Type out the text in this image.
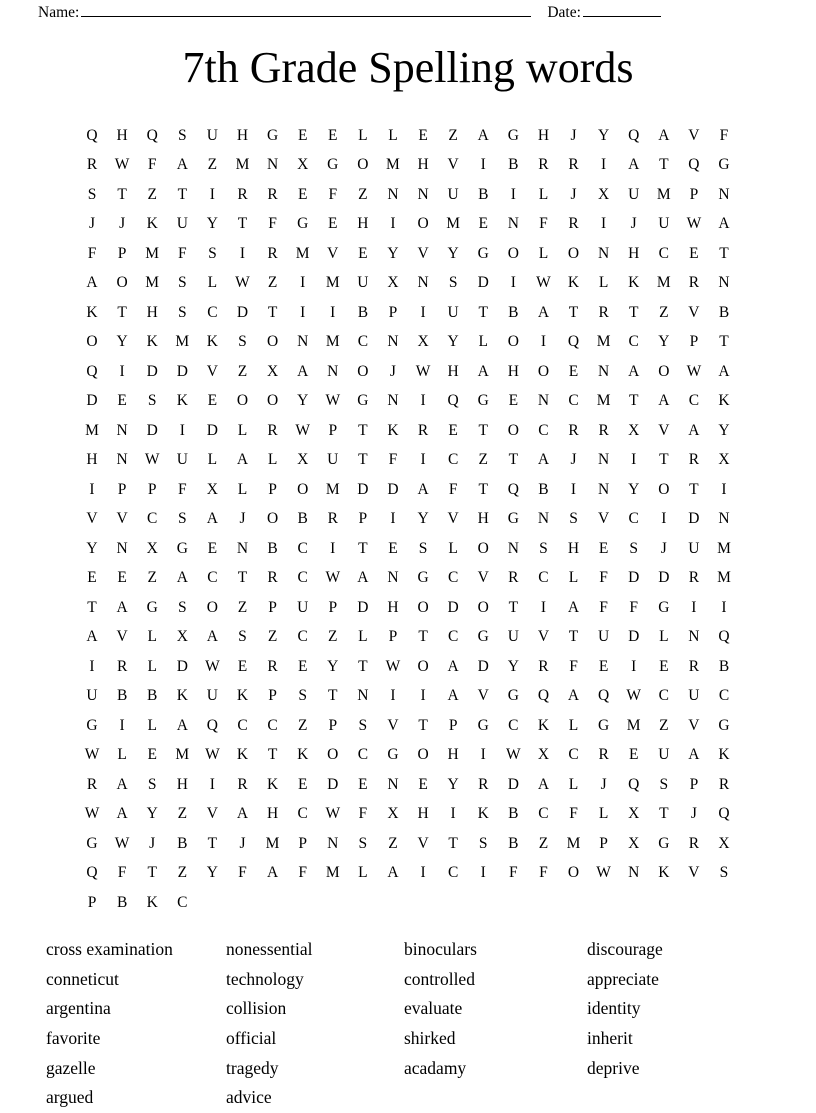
Name:	Date:
7th Grade Spelling words
Q	H	Q	S	U	H	G	E	E	L	L	E	Z	A	G	H	J	Y	Q	A	V	F
R	W	F	A	Z	M	N	X	G	O	M	H	V	I	B	R	R	I	A	T	Q	G
S	T	Z	T	I	R	R	E	F	Z	N	N	U	B	I	L	J	X	U	M	P	N
J	J	K	U	Y	T	F	G	E	H	I	O	M	E	N	F	R	I	J	U	W	A
F	P	M	F	S	I	R	M	V	E	Y	V	Y	G	O	L	O	N	H	C	E	T
A	O	M	S	L	W	Z	I	M	U	X	N	S	D	I	W	K	L	K	M	R	N
K	T	H	S	C	D	T	I	I	B	P	I	U	T	B	A	T	R	T	Z	V	B
O	Y	K	M	K	S	O	N	M	C	N	X	Y	L	O	I	Q	M	C	Y	P	T
Q	I	D	D	V	Z	X	A	N	O	J	W	H	A	H	O	E	N	A	O	W	A
D	E	S	K	E	O	O	Y	W	G	N	I	Q	G	E	N	C	M	T	A	C	K
M	N	D	I	D	L	R	W	P	T	K	R	E	T	O	C	R	R	X	V	A	Y
H	N	W	U	L	A	L	X	U	T	F	I	C	Z	T	A	J	N	I	T	R	X
I	P	P	F	X	L	P	O	M	D	D	A	F	T	Q	B	I	N	Y	O	T	I
V	V	C	S	A	J	O	B	R	P	I	Y	V	H	G	N	S	V	C	I	D	N
Y	N	X	G	E	N	B	C	I	T	E	S	L	O	N	S	H	E	S	J	U	M
E	E	Z	A	C	T	R	C	W	A	N	G	C	V	R	C	L	F	D	D	R	M
T	A	G	S	O	Z	P	U	P	D	H	O	D	O	T	I	A	F	F	G	I	I
A	V	L	X	A	S	Z	C	Z	L	P	T	C	G	U	V	T	U	D	L	N	Q
I	R	L	D	W	E	R	E	Y	T	W	O	A	D	Y	R	F	E	I	E	R	B
U	B	B	K	U	K	P	S	T	N	I	I	A	V	G	Q	A	Q	W	C	U	C
G	I	L	A	Q	C	C	Z	P	S	V	T	P	G	C	K	L	G	M	Z	V	G
W	L	E	M	W	K	T	K	O	C	G	O	H	I	W	X	C	R	E	U	A	K
R	A	S	H	I	R	K	E	D	E	N	E	Y	R	D	A	L	J	Q	S	P	R
W	A	Y	Z	V	A	H	C	W	F	X	H	I	K	B	C	F	L	X	T	J	Q
G	W	J	B	T	J	M	P	N	S	Z	V	T	S	B	Z	M	P	X	G	R	X
Q	F	T	Z	Y	F	A	F	M	L	A	I	C	I	F	F	O	W	N	K	V	S
P	B	K	C
cross examination
conneticut
argentina
favorite
gazelle
argued
nonessential
technology
collision
official
tragedy
advice
binoculars
controlled
evaluate
shirked
acadamy
discourage
appreciate
identity
inherit
deprive
